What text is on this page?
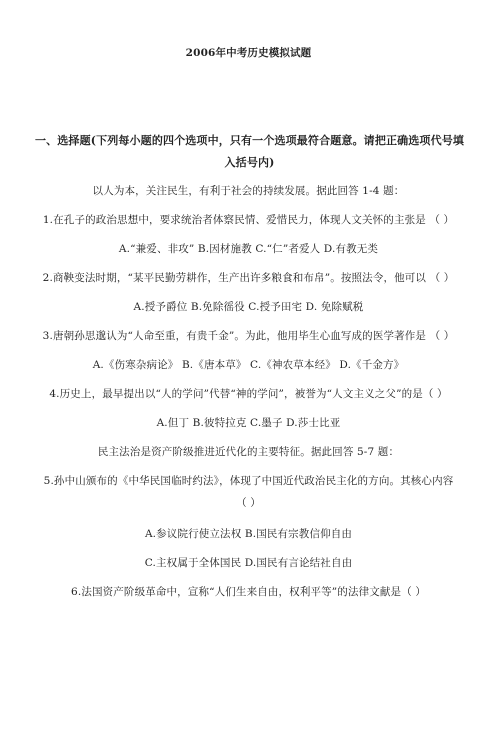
2006年中考历史模拟试题
一、选择题(下列每小题的四个选项中，只有一个选项最符合题意。请把正确选项代号填
入括号内)
以人为本，关注民生，有利于社会的持续发展。据此回答 1-4 题：
1.在孔子的政治思想中，要求统治者体察民情、爱惜民力，体现人文关怀的主张是 （ ）
A.“兼爱、非攻” B.因材施教 C.“仁”者爱人 D.有教无类
2.商鞅变法时期，“某平民勤劳耕作，生产出许多粮食和布帛”。按照法令，他可以 （ ）
A.授予爵位 B.免除徭役 C.授予田宅 D. 免除赋税
3.唐朝孙思邈认为“人命至重，有贵千金”。为此，他用毕生心血写成的医学著作是 （ ）
A.《伤寒杂病论》 B.《唐本草》 C.《神农草本经》 D.《千金方》
4.历史上，最早提出以“人的学问”代替“神的学问”，被誉为“人文主义之父”的是（ ）
A.但丁 B.彼特拉克 C.墨子 D.莎士比亚
民主法治是资产阶级推进近代化的主要特征。据此回答 5-7 题：
5.孙中山颁布的《中华民国临时约法》，体现了中国近代政治民主化的方向。其核心内容
（ ）
A.参议院行使立法权 B.国民有宗教信仰自由
C.主权属于全体国民 D.国民有言论结社自由
6.法国资产阶级革命中，宣称“人们生来自由，权利平等”的法律文献是（ ）
